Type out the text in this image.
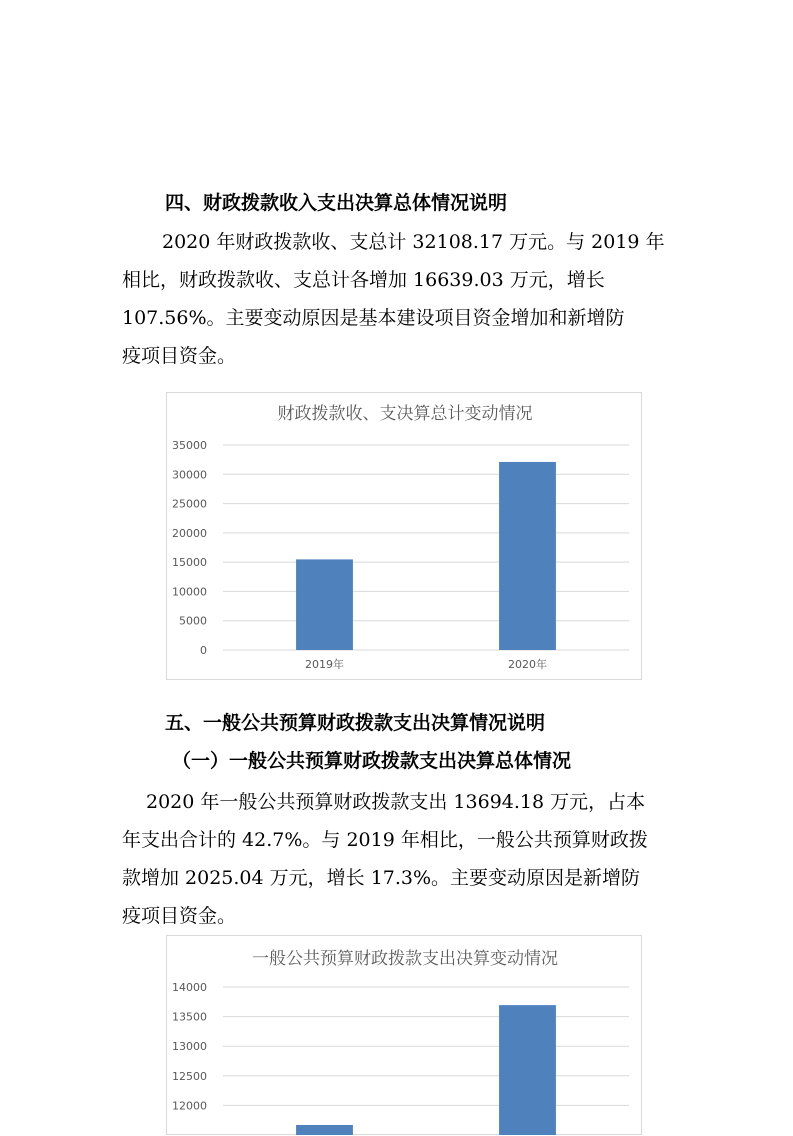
四、财政拨款收入支出决算总体情况说明
2020 年财政拨款收、支总计 32108.17 万元。与 2019 年
相比，财政拨款收、支总计各增加 16639.03 万元，增长
107.56%。主要变动原因是基本建设项目资金增加和新增防
疫项目资金。
财政拨款收、支决算总计变动情况
0
5000
10000
15000
20000
25000
30000
35000
2019年	2020年
五、一般公共预算财政拨款支出决算情况说明
（一）一般公共预算财政拨款支出决算总体情况
2020 年一般公共预算财政拨款支出 13694.18 万元，占本
年支出合计的 42.7%。与 2019 年相比，一般公共预算财政拨
款增加 2025.04 万元，增长 17.3%。主要变动原因是新增防
疫项目资金。
一般公共预算财政拨款支出决算变动情况
12000
12500
13000
13500
14000
